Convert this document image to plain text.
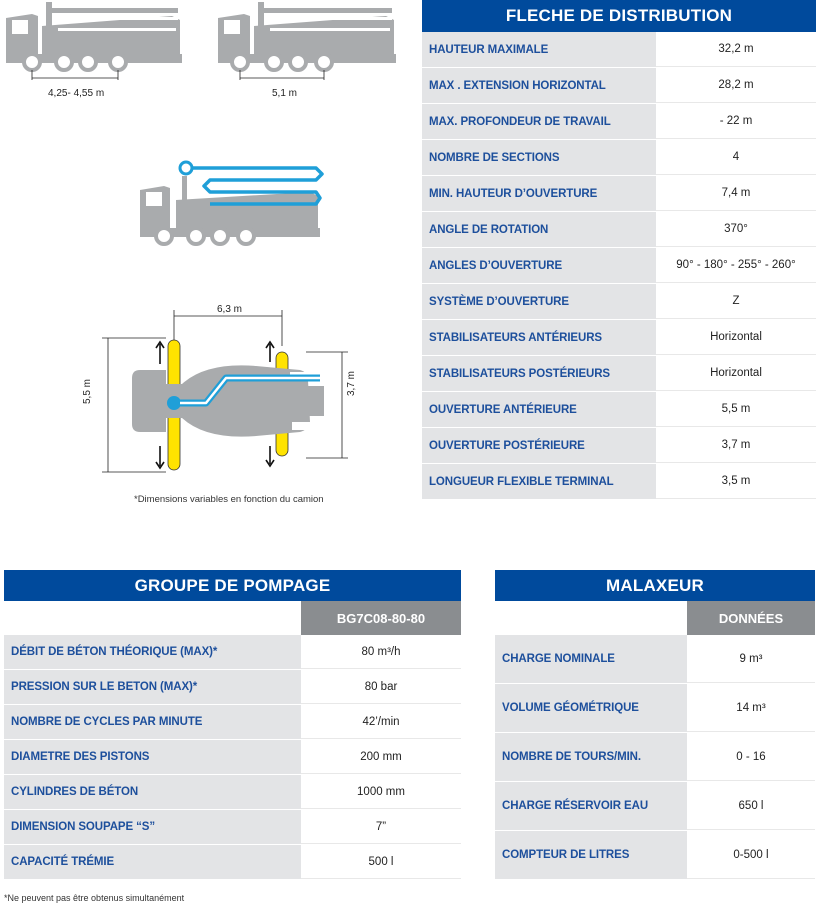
4,25- 4,55 m	5,1 m
6,3 m
5,5 m	3,7 m
*Dimensions variables en fonction du camion
FLECHE DE DISTRIBUTION
HAUTEUR MAXIMALE	32,2 m
MAX . EXTENSION HORIZONTAL	28,2 m
MAX. PROFONDEUR DE TRAVAIL	- 22 m
NOMBRE DE SECTIONS	4
MIN. HAUTEUR D’OUVERTURE	7,4 m
ANGLE DE ROTATION	370°
ANGLES D’OUVERTURE	90° - 180° - 255° - 260°
SYSTÈME D’OUVERTURE	Z
STABILISATEURS ANTÉRIEURS	Horizontal
STABILISATEURS POSTÉRIEURS	Horizontal
OUVERTURE ANTÉRIEURE	5,5 m
OUVERTURE POSTÉRIEURE	3,7 m
LONGUEUR FLEXIBLE TERMINAL	3,5 m
GROUPE DE POMPAGE
BG7C08-80-80
DÉBIT DE BÉTON THÉORIQUE (MAX)*	80 m³/h
PRESSION SUR LE BETON (MAX)*	80 bar
NOMBRE DE CYCLES PAR MINUTE	42’/min
DIAMETRE DES PISTONS	200 mm
CYLINDRES DE BÉTON	1000 mm
DIMENSION SOUPAPE “S”	7”
CAPACITÉ TRÉMIE	500 l
MALAXEUR
DONNÉES
CHARGE NOMINALE	9 m³
VOLUME GÉOMÉTRIQUE	14 m³
NOMBRE DE TOURS/MIN.	0 - 16
CHARGE RÉSERVOIR EAU	650 l
COMPTEUR DE LITRES	0-500 l
*Ne peuvent pas être obtenus simultanément
